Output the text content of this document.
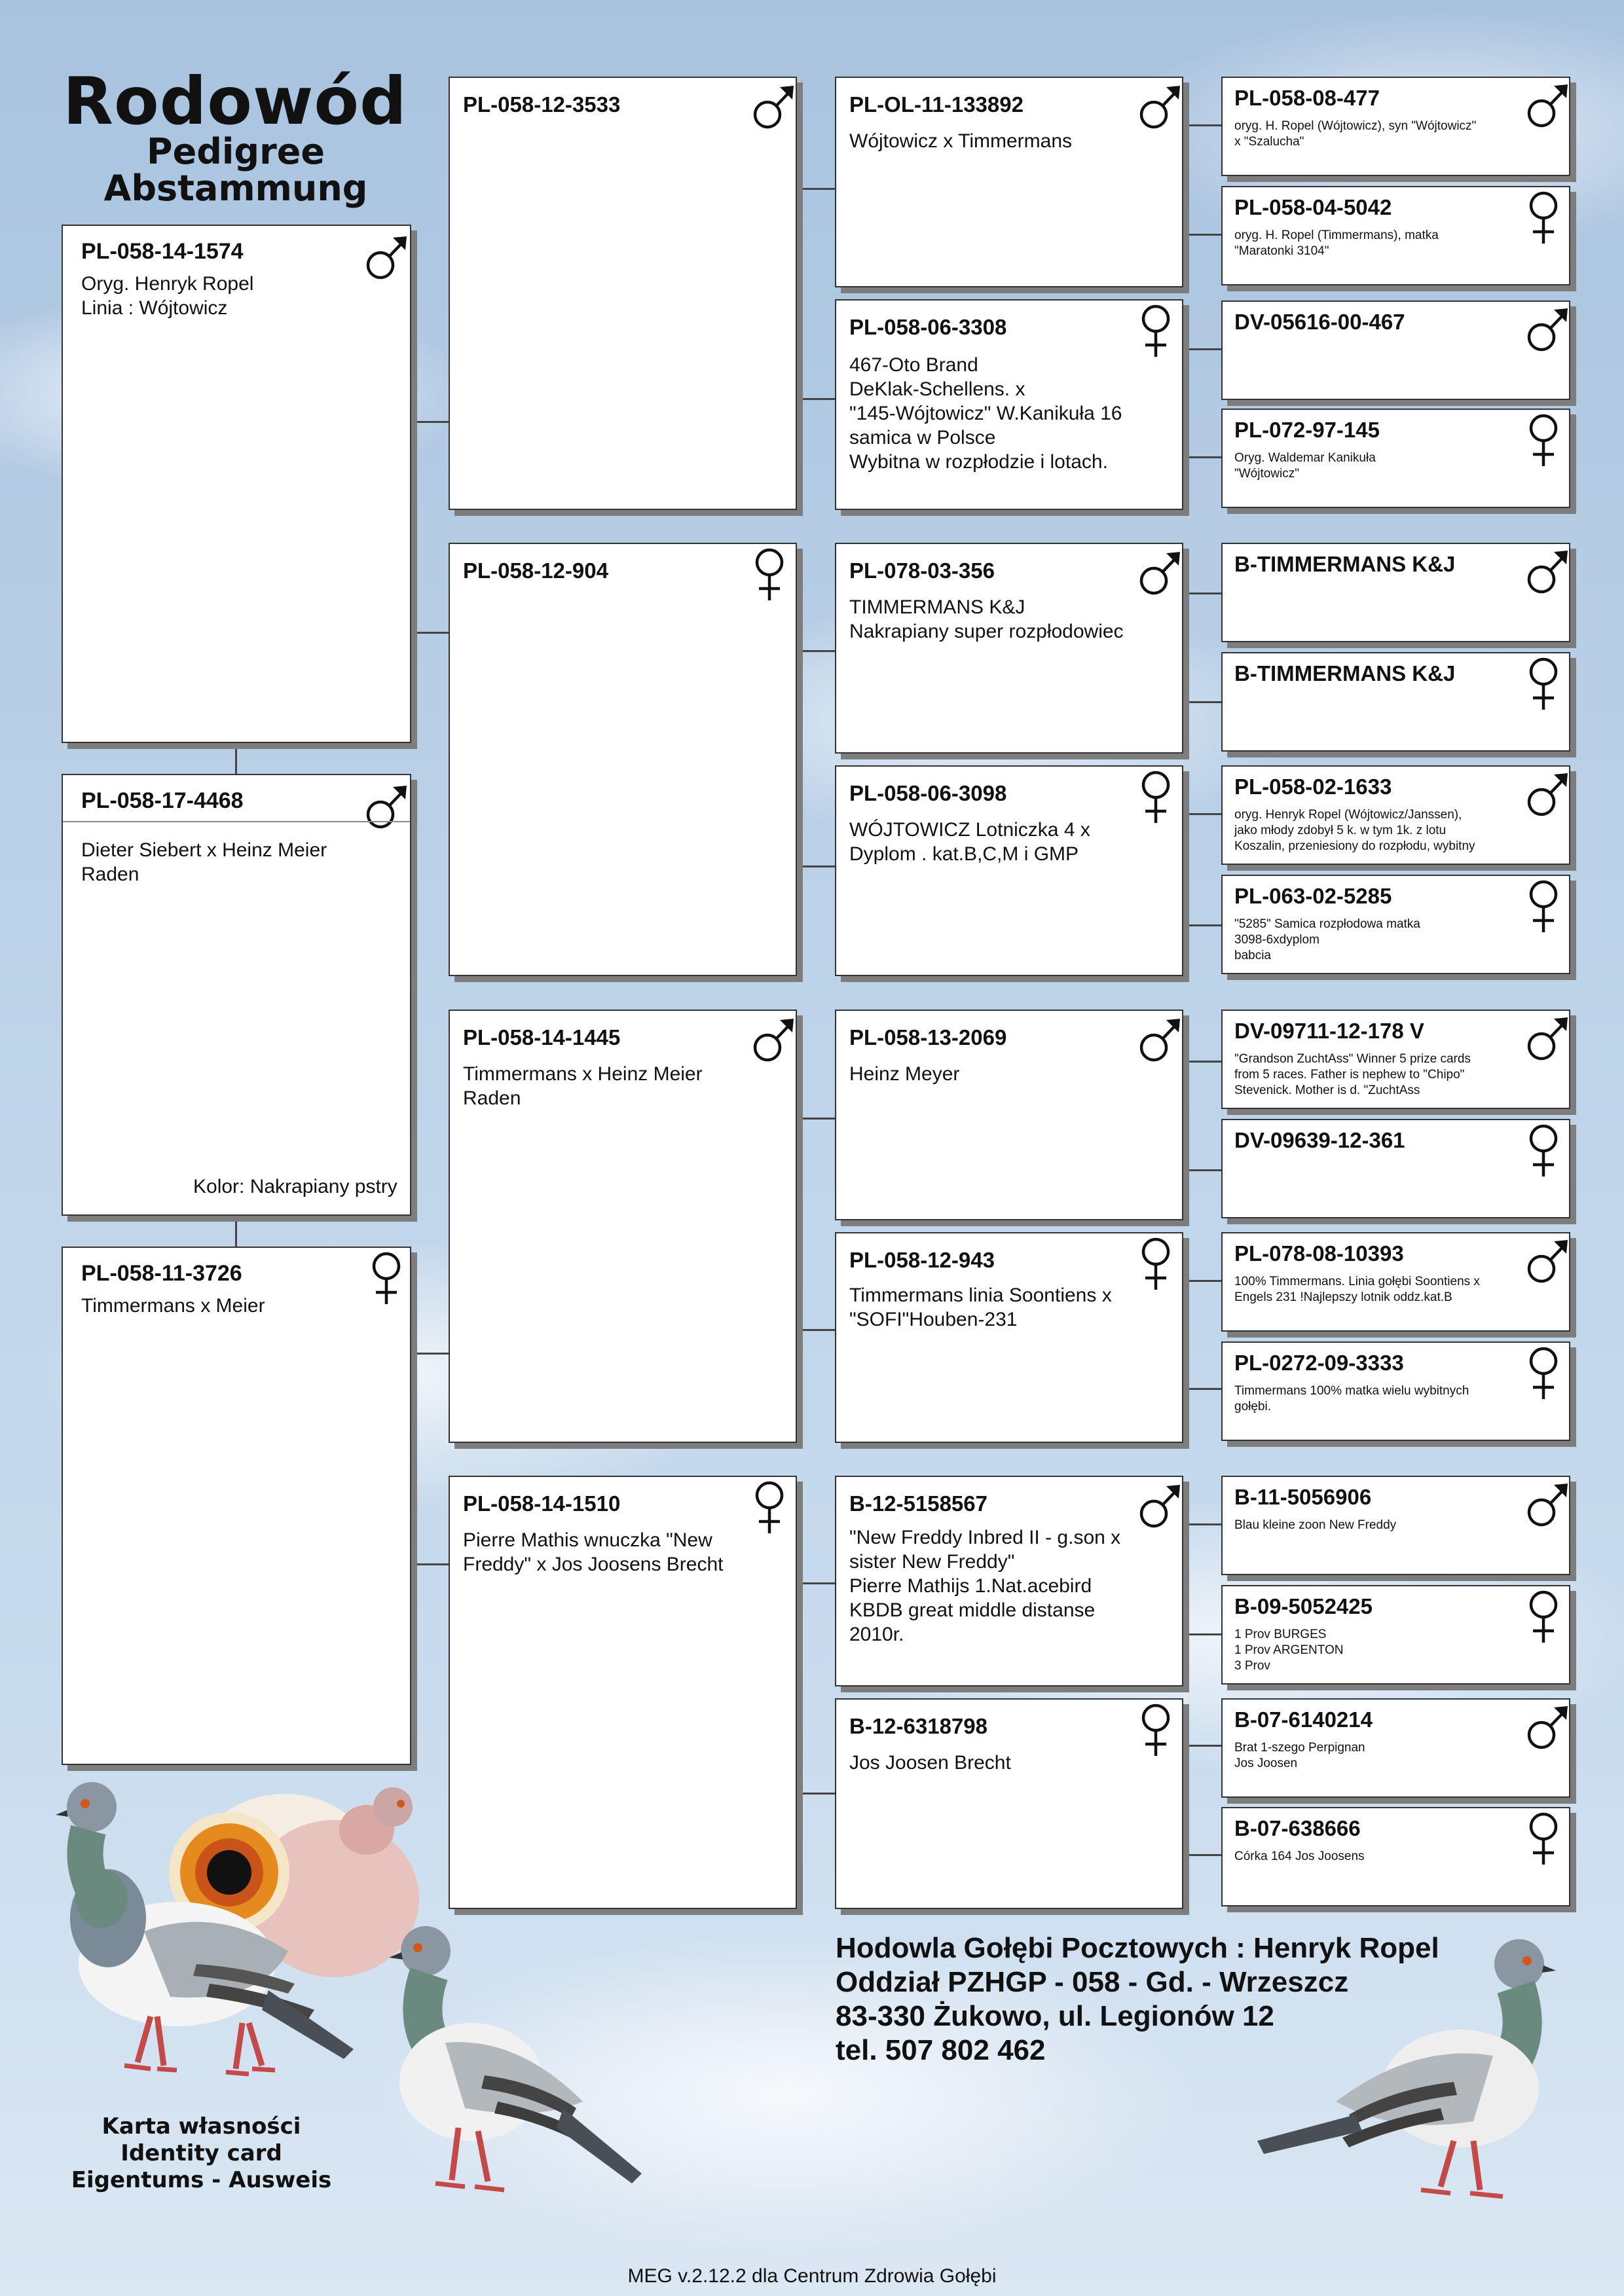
Rodowód
Pedigree
Abstammung
PL-058-14-1574
Oryg. Henryk Ropel
Linia : Wójtowicz
PL-058-17-4468
Dieter Siebert x Heinz Meier
Raden
Kolor: Nakrapiany pstry
PL-058-11-3726
Timmermans x Meier
PL-058-12-3533
PL-058-12-904
PL-058-14-1445
Timmermans x Heinz Meier
Raden
PL-058-14-1510
Pierre Mathis wnuczka "New
Freddy" x Jos Joosens Brecht
PL-OL-11-133892
Wójtowicz x Timmermans
PL-058-06-3308
467-Oto Brand
DeKlak-Schellens. x
"145-Wójtowicz" W.Kanikuła 16
samica w Polsce
Wybitna w rozpłodzie i lotach.
PL-078-03-356
TIMMERMANS K&J
Nakrapiany super rozpłodowiec
PL-058-06-3098
WÓJTOWICZ Lotniczka 4 x
Dyplom . kat.B,C,M i GMP
PL-058-13-2069
Heinz Meyer
PL-058-12-943
Timmermans linia Soontiens x
"SOFI"Houben-231
B-12-5158567
"New Freddy Inbred II - g.son x
sister New Freddy"
Pierre Mathijs 1.Nat.acebird
KBDB great middle distanse
2010r.
B-12-6318798
Jos Joosen Brecht
PL-058-08-477
oryg. H. Ropel (Wójtowicz), syn "Wójtowicz"
x "Szalucha"
PL-058-04-5042
oryg. H. Ropel (Timmermans), matka
"Maratonki 3104"
DV-05616-00-467
PL-072-97-145
Oryg. Waldemar Kanikuła
"Wójtowicz"
B-TIMMERMANS K&J
B-TIMMERMANS K&J
PL-058-02-1633
oryg. Henryk Ropel (Wójtowicz/Janssen),
jako młody zdobył 5 k. w tym 1k. z lotu
Koszalin, przeniesiony do rozpłodu, wybitny
PL-063-02-5285
"5285" Samica rozpłodowa matka
3098-6xdyplom
babcia
DV-09711-12-178 V
"Grandson ZuchtAss" Winner 5 prize cards
from 5 races. Father is nephew to "Chipo"
Stevenick. Mother is d. "ZuchtAss
DV-09639-12-361
PL-078-08-10393
100% Timmermans. Linia gołębi Soontiens x
Engels 231 !Najlepszy lotnik oddz.kat.B
PL-0272-09-3333
Timmermans 100% matka wielu wybitnych
gołębi.
B-11-5056906
Blau kleine zoon New Freddy
B-09-5052425
1 Prov BURGES
1 Prov ARGENTON
3 Prov
B-07-6140214
Brat 1-szego Perpignan
Jos Joosen
B-07-638666
Córka 164 Jos Joosens
Hodowla Gołębi Pocztowych : Henryk Ropel
Oddział PZHGP - 058 - Gd. - Wrzeszcz
83-330 Żukowo, ul. Legionów 12
tel. 507 802 462
Karta własności
Identity card
Eigentums - Ausweis
MEG v.2.12.2 dla Centrum Zdrowia Gołębi
